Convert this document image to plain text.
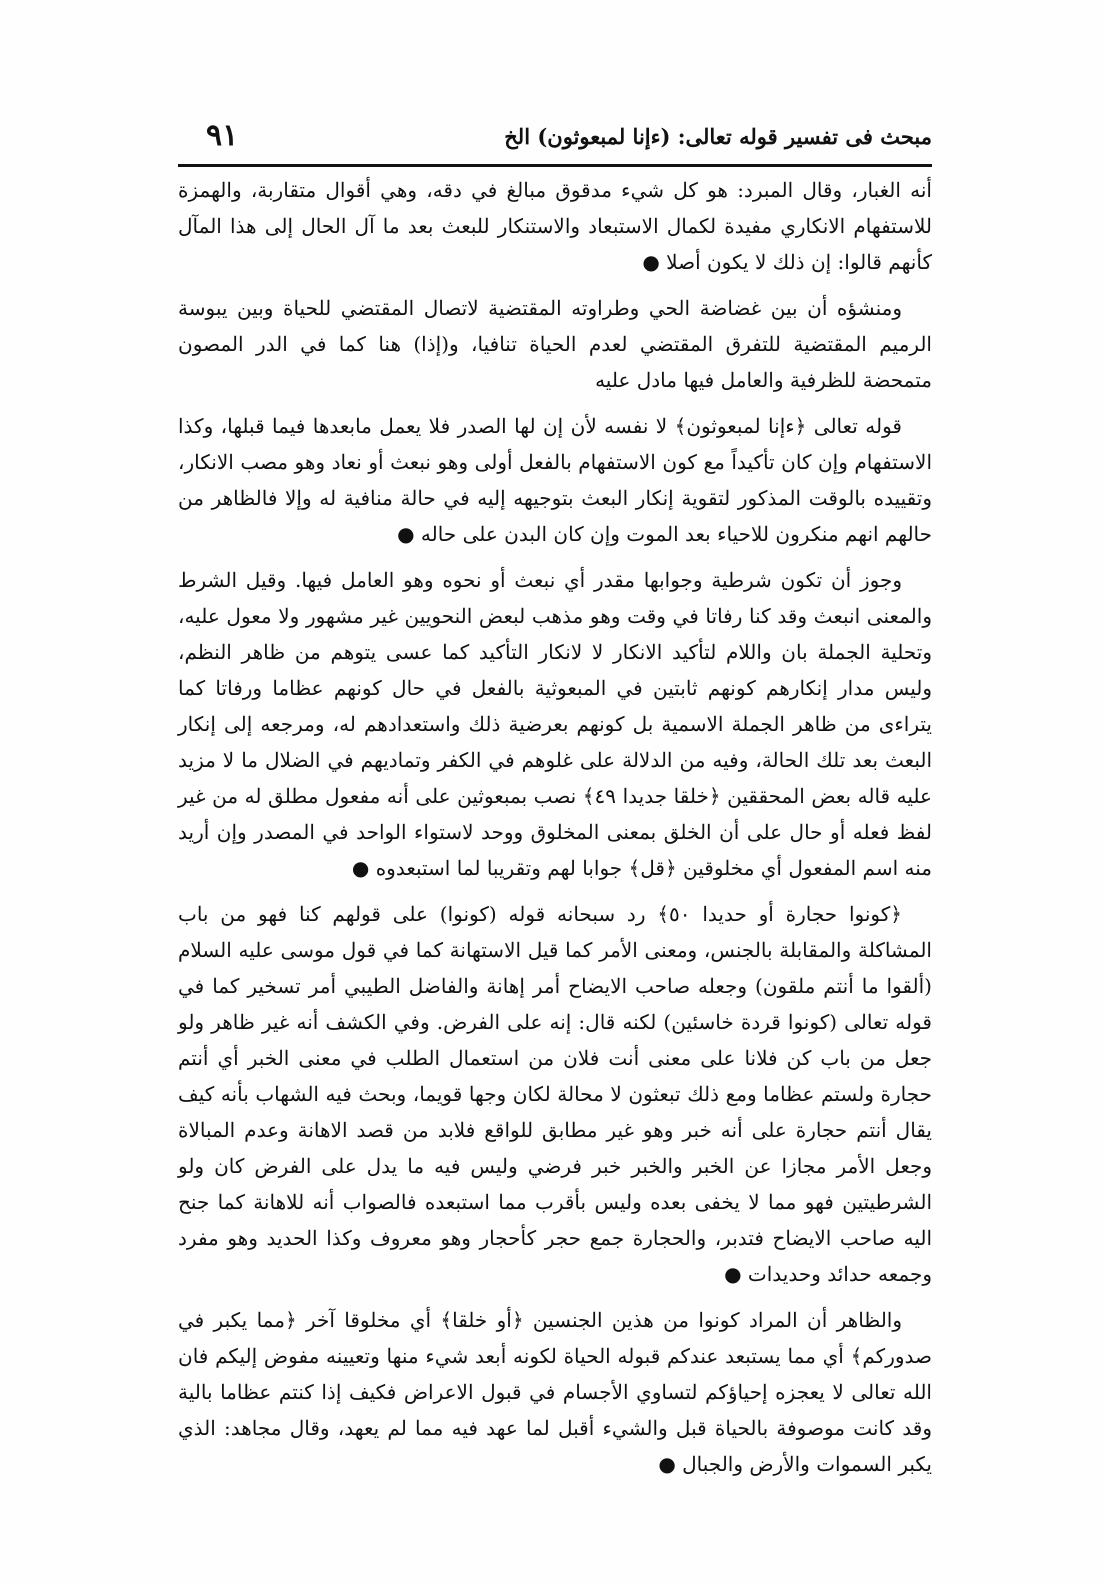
مبحث فى تفسير قوله تعالى: (ءإنا لمبعوثون) الخ
٩١

أنه الغبار، وقال المبرد: هو كل شيء مدقوق مبالغ في دقه، وهي أقوال متقاربة، والهمزة للاستفهام الانكاري مفيدة لكمال الاستبعاد والاستنكار للبعث بعد ما آل الحال إلى هذا المآل كأنهم قالوا: إن ذلك لا يكون أصلا ●

ومنشؤه أن بين غضاضة الحي وطراوته المقتضية لاتصال المقتضي للحياة وبين يبوسة الرميم المقتضية للتفرق المقتضي لعدم الحياة تنافيا، و(إذا) هنا كما في الدر المصون متمحضة للظرفية والعامل فيها مادل عليه

قوله تعالى ﴿ءإنا لمبعوثون﴾ لا نفسه لأن إن لها الصدر فلا يعمل مابعدها فيما قبلها، وكذا الاستفهام وإن كان تأكيداً مع كون الاستفهام بالفعل أولى وهو نبعث أو نعاد وهو مصب الانكار، وتقييده بالوقت المذكور لتقوية إنكار البعث بتوجيهه إليه في حالة منافية له وإلا فالظاهر من حالهم انهم منكرون للاحياء بعد الموت وإن كان البدن على حاله ●

وجوز أن تكون شرطية وجوابها مقدر أي نبعث أو نحوه وهو العامل فيها. وقيل الشرط والمعنى انبعث وقد كنا رفاتا في وقت وهو مذهب لبعض النحويين غير مشهور ولا معول عليه، وتحلية الجملة بان واللام لتأكيد الانكار لا لانكار التأكيد كما عسى يتوهم من ظاهر النظم، وليس مدار إنكارهم كونهم ثابتين في المبعوثية بالفعل في حال كونهم عظاما ورفاتا كما يتراءى من ظاهر الجملة الاسمية بل كونهم بعرضية ذلك واستعدادهم له، ومرجعه إلى إنكار البعث بعد تلك الحالة، وفيه من الدلالة على غلوهم في الكفر وتماديهم في الضلال ما لا مزيد عليه قاله بعض المحققين ﴿خلقا جديدا ٤٩﴾ نصب بمبعوثين على أنه مفعول مطلق له من غير لفظ فعله أو حال على أن الخلق بمعنى المخلوق ووحد لاستواء الواحد في المصدر وإن أريد منه اسم المفعول أي مخلوقين ﴿قل﴾ جوابا لهم وتقريبا لما استبعدوه ●

﴿كونوا حجارة أو حديدا ٥٠﴾ رد سبحانه قوله (كونوا) على قولهم كنا فهو من باب المشاكلة والمقابلة بالجنس، ومعنى الأمر كما قيل الاستهانة كما في قول موسى عليه السلام (ألقوا ما أنتم ملقون) وجعله صاحب الايضاح أمر إهانة والفاضل الطيبي أمر تسخير كما في قوله تعالى (كونوا قردة خاسئين) لكنه قال: إنه على الفرض. وفي الكشف أنه غير ظاهر ولو جعل من باب كن فلانا على معنى أنت فلان من استعمال الطلب في معنى الخبر أي أنتم حجارة ولستم عظاما ومع ذلك تبعثون لا محالة لكان وجها قويما، وبحث فيه الشهاب بأنه كيف يقال أنتم حجارة على أنه خبر وهو غير مطابق للواقع فلابد من قصد الاهانة وعدم المبالاة وجعل الأمر مجازا عن الخبر والخبر خبر فرضي وليس فيه ما يدل على الفرض كان ولو الشرطيتين فهو مما لا يخفى بعده وليس بأقرب مما استبعده فالصواب أنه للاهانة كما جنح اليه صاحب الايضاح فتدبر، والحجارة جمع حجر كأحجار وهو معروف وكذا الحديد وهو مفرد وجمعه حدائد وحديدات ●

والظاهر أن المراد كونوا من هذين الجنسين ﴿أو خلقا﴾ أي مخلوقا آخر ﴿مما يكبر في صدوركم﴾ أي مما يستبعد عندكم قبوله الحياة لكونه أبعد شيء منها وتعيينه مفوض إليكم فان الله تعالى لا يعجزه إحياؤكم لتساوي الأجسام في قبول الاعراض فكيف إذا كنتم عظاما بالية وقد كانت موصوفة بالحياة قبل والشيء أقبل لما عهد فيه مما لم يعهد، وقال مجاهد: الذي يكبر السموات والأرض والجبال ●
